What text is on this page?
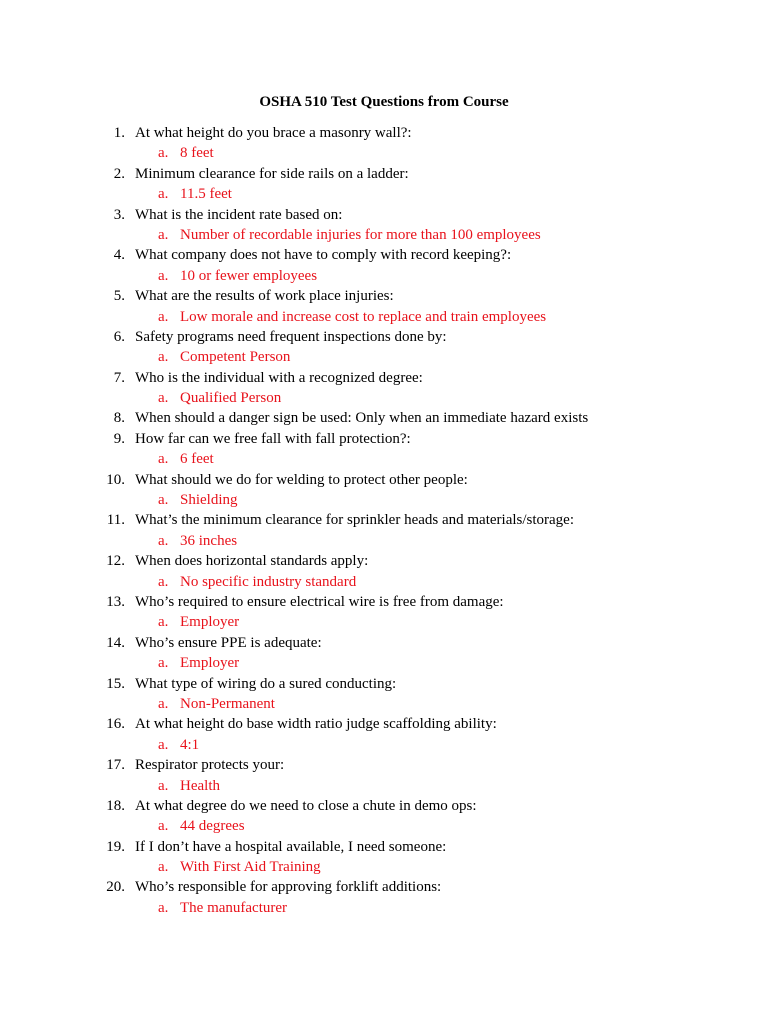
OSHA 510 Test Questions from Course
1. At what height do you brace a masonry wall?:
a. 8 feet
2. Minimum clearance for side rails on a ladder:
a. 11.5 feet
3. What is the incident rate based on:
a. Number of recordable injuries for more than 100 employees
4. What company does not have to comply with record keeping?:
a. 10 or fewer employees
5. What are the results of work place injuries:
a. Low morale and increase cost to replace and train employees
6. Safety programs need frequent inspections done by:
a. Competent Person
7. Who is the individual with a recognized degree:
a. Qualified Person
8. When should a danger sign be used: Only when an immediate hazard exists
9. How far can we free fall with fall protection?:
a. 6 feet
10. What should we do for welding to protect other people:
a. Shielding
11. What’s the minimum clearance for sprinkler heads and materials/storage:
a. 36 inches
12. When does horizontal standards apply:
a. No specific industry standard
13. Who’s required to ensure electrical wire is free from damage:
a. Employer
14. Who’s ensure PPE is adequate:
a. Employer
15. What type of wiring do a sured conducting:
a. Non-Permanent
16. At what height do base width ratio judge scaffolding ability:
a. 4:1
17. Respirator protects your:
a. Health
18. At what degree do we need to close a chute in demo ops:
a. 44 degrees
19. If I don’t have a hospital available, I need someone:
a. With First Aid Training
20. Who’s responsible for approving forklift additions:
a. The manufacturer
